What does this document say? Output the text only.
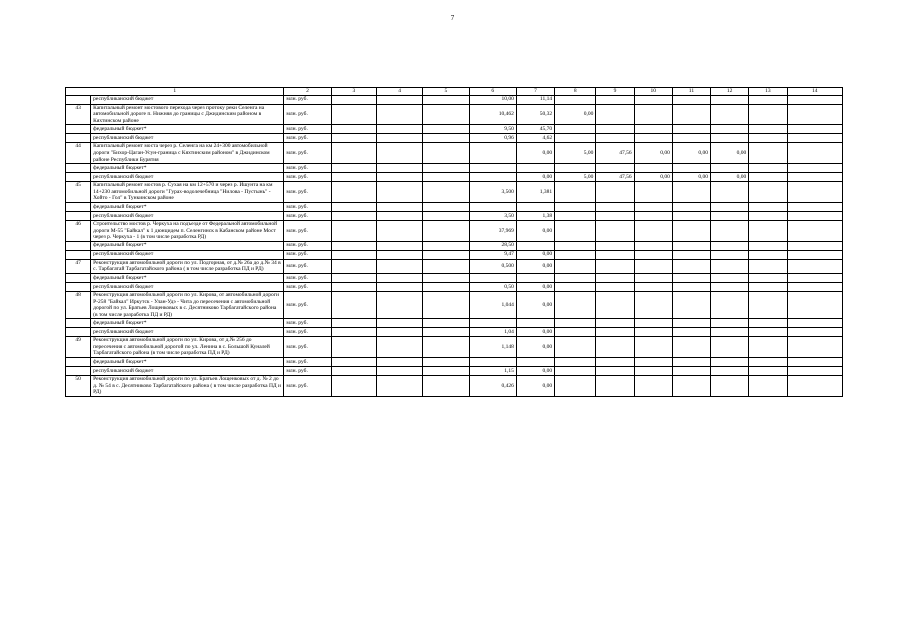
7
1		2	3	4	5	6	7	8	9	10	11	12	13	14
	республиканский бюджет	млн. руб.				10,00	11,14							
43	Капитальный ремонт мостового перехода через протоку реки Селенга на автомобильной дороге п. Нижняя до границы с Джидинским районом в Кяхтинском районе	млн. руб.				10,462	50,32	0,00						
	федеральный бюджет*	млн. руб.				9,50	45,70							
	республиканский бюджет	млн. руб.				0,96	4,62							
44	Капитальный ремонт моста через р. Селенга на км 24+300 автомобильной дороги "Бихор-Цаган-Усун-граница с Кяхтинским районом" в Джидинском районе Республики Бурятия	млн. руб.					0,00	5,00	47,56	0,00	0,00	0,00		
	федеральный бюджет*	млн. руб.												
	республиканский бюджет	млн. руб.					0,00	5,00	47,56	0,00	0,00	0,00		
45	Капитальный ремонт мостов р. Сухая на км 12+570 и через р. Ишунта на км 14+230 автомобильной дороги "Гурах-водолечебница "Нилова - Пустынь" - Хойто - Гол" в Тункинском районе	млн. руб.				3,500	1,381							
	федеральный бюджет*	млн. руб.												
	республиканский бюджет	млн. руб.				3,50	1,38							
46	Строительство мостов р. Черкуха на подъезде от Федеральной автомобильной дороги М-55 "Байкал" к 1 дюнцидем п. Селенгинск в Кабанском районе Мост через р. Черкуха - 1 (в том числе разработка РД)	млн. руб.				37,969	0,00							
	федеральный бюджет*	млн. руб.				28,50								
	республиканский бюджет	млн. руб.				9,47	0,00							
47	Реконструкция автомобильной дороги по ул. Подгорная, от д.№ 26а до д.№ 34 в с. Тарбагатай Тарбагатайского района ( в том числе разработка ПД и РД)	млн. руб.				0,500	0,00							
	федеральный бюджет*	млн. руб.												
	республиканский бюджет	млн. руб.				0,50	0,00							
48	Реконструкция автомобильной дороги по ул. Кирова, от автомобильной дороги Р-258 "Байкал" Иркутск - Улан-Удэ - Чита до пересечения с автомобильной дорогой по ул. Братьев Лощенковых в с. Десятниково Тарбагатайского района (в том числе разработка ПД и РД)	млн. руб.				1,044	0,00							
	федеральный бюджет*	млн. руб.												
	республиканский бюджет	млн. руб.				1,04	0,00							
49	Реконструкция автомобильной дороги по ул. Кирова, от д.№ 256 до пересечения с автомобильной дорогой по ул. Ленина в с. Большой Куналей Тарбагатайского района (в том числе разработка ПД и РД)	млн. руб.				1,148	0,00							
	федеральный бюджет*	млн. руб.												
	республиканский бюджет	млн. руб.				1,15	0,00							
50	Реконструкция автомобильной дороги по ул. Братьев Лощенковых от д. № 2 до д. № 54 в с. Десятниково Тарбагатайского района ( в том числе разработка ПД и РД)	млн. руб.				0,426	0,00							
